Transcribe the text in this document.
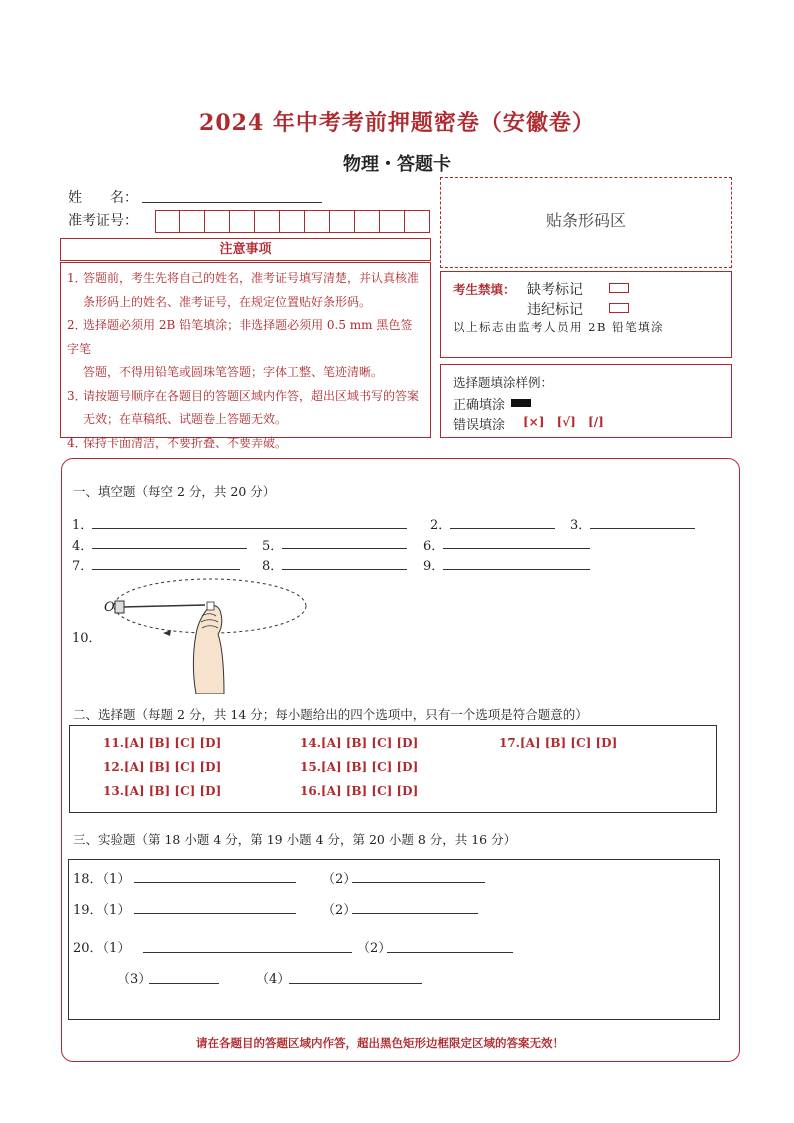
2024 年中考考前押题密卷（安徽卷）
物理・答题卡
姓　　名：
准考证号：	贴条形码区
注意事项
1．答题前，考生先将自己的姓名，准考证号填写清楚，并认真核准
条形码上的姓名、准考证号，在规定位置贴好条形码。
2．选择题必须用 2B 铅笔填涂；非选择题必须用 0.5 mm 黑色签字笔
答题，不得用铅笔或圆珠笔答题；字体工整、笔迹清晰。
3．请按题号顺序在各题目的答题区域内作答，超出区域书写的答案
无效；在草稿纸、试题卷上答题无效。
4．保持卡面清洁，不要折叠、不要弄破。
考生禁填： 缺考标记
违纪标记
以上标志由监考人员用 2B 铅笔填涂
选择题填涂样例：
正确填涂
错误填涂 [×] [√] [/]
一、填空题（每空 2 分，共 20 分）
1．	2．	3．
4．	5．	6．
7．	8．	9．
10．
O
二、选择题（每题 2 分，共 14 分；每小题给出的四个选项中，只有一个选项是符合题意的）
11.[A] [B] [C] [D]
12.[A] [B] [C] [D]
13.[A] [B] [C] [D]
14.[A] [B] [C] [D]
15.[A] [B] [C] [D]
16.[A] [B] [C] [D]
17.[A] [B] [C] [D]
三、实验题（第 18 小题 4 分，第 19 小题 4 分，第 20 小题 8 分，共 16 分）
18．（1）	（2）
19．（1）	（2）
20．（1）	（2）
（3）	（4）
请在各题目的答题区域内作答，超出黑色矩形边框限定区域的答案无效！
